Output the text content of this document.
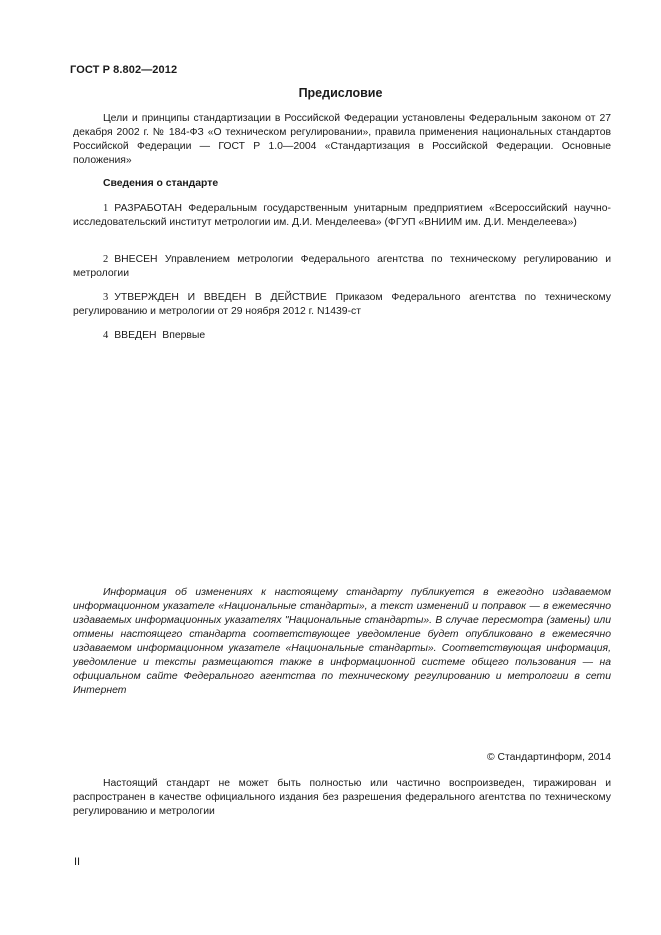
ГОСТ Р 8.802—2012
Предисловие
Цели и принципы стандартизации в Российской Федерации установлены Федеральным законом от 27 декабря 2002 г. № 184-ФЗ «О техническом регулировании», правила применения национальных стандартов Российской Федерации — ГОСТ Р 1.0—2004 «Стандартизация в Российской Федерации. Основные положения»
Сведения о стандарте
1 РАЗРАБОТАН Федеральным государственным унитарным предприятием «Всероссийский научно-исследовательский институт метрологии им. Д.И. Менделеева» (ФГУП «ВНИИМ им. Д.И. Менделеева»)
2 ВНЕСЕН Управлением метрологии Федерального агентства по техническому регулированию и метрологии
3 УТВЕРЖДЕН И ВВЕДЕН В ДЕЙСТВИЕ Приказом Федерального агентства по техническому регулированию и метрологии от 29 ноября 2012 г. N1439-ст
4 ВВЕДЕН  Впервые
Информация об изменениях к настоящему стандарту публикуется в ежегодно издаваемом информационном указателе «Национальные стандарты», а текст изменений и поправок — в ежемесячно издаваемых информационных указателях "Национальные стандарты». В случае пересмотра (замены) или отмены настоящего стандарта соответствующее уведомление будет опубликовано в ежемесячно издаваемом информационном указателе «Национальные стандарты». Соответствующая информация, уведомление и тексты размещаются также в информационной системе общего пользования — на официальном сайте Федерального агентства по техническому регулированию и метрологии в сети Интернет
© Стандартинформ, 2014
Настоящий стандарт не может быть полностью или частично воспроизведен, тиражирован и распространен в качестве официального издания без разрешения федерального агентства по техническому регулированию и метрологии
II
